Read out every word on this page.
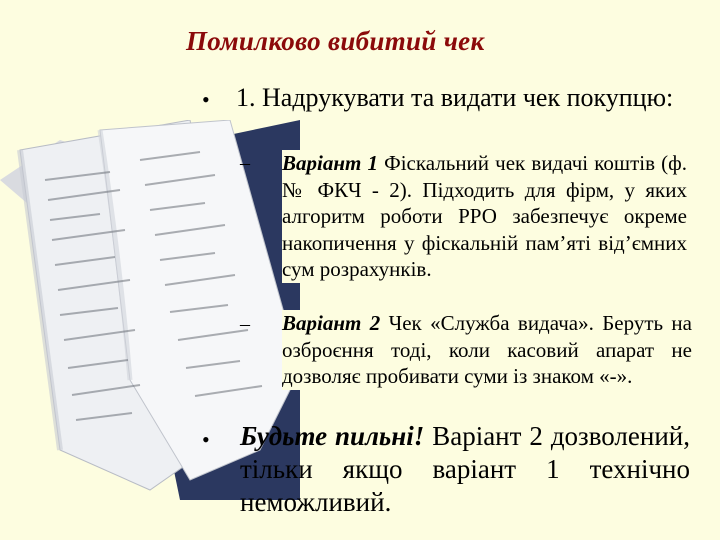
Помилково вибитий чек
• 1. Надрукувати та видати чек покупцю:
– Варіант 1 Фіскальний чек видачі коштів (ф. № ФКЧ - 2). Підходить для фірм, у яких алгоритм роботи РРО забезпечує окреме накопичення у фіскальній пам’яті від’ємних сум розрахунків.
– Варіант 2 Чек «Служба видача». Беруть на озброєння тоді, коли касовий апарат не дозволяє пробивати суми із знаком «-».
• Будьте пильні! Варіант 2 дозволений, тільки якщо варіант 1 технічно неможливий.
